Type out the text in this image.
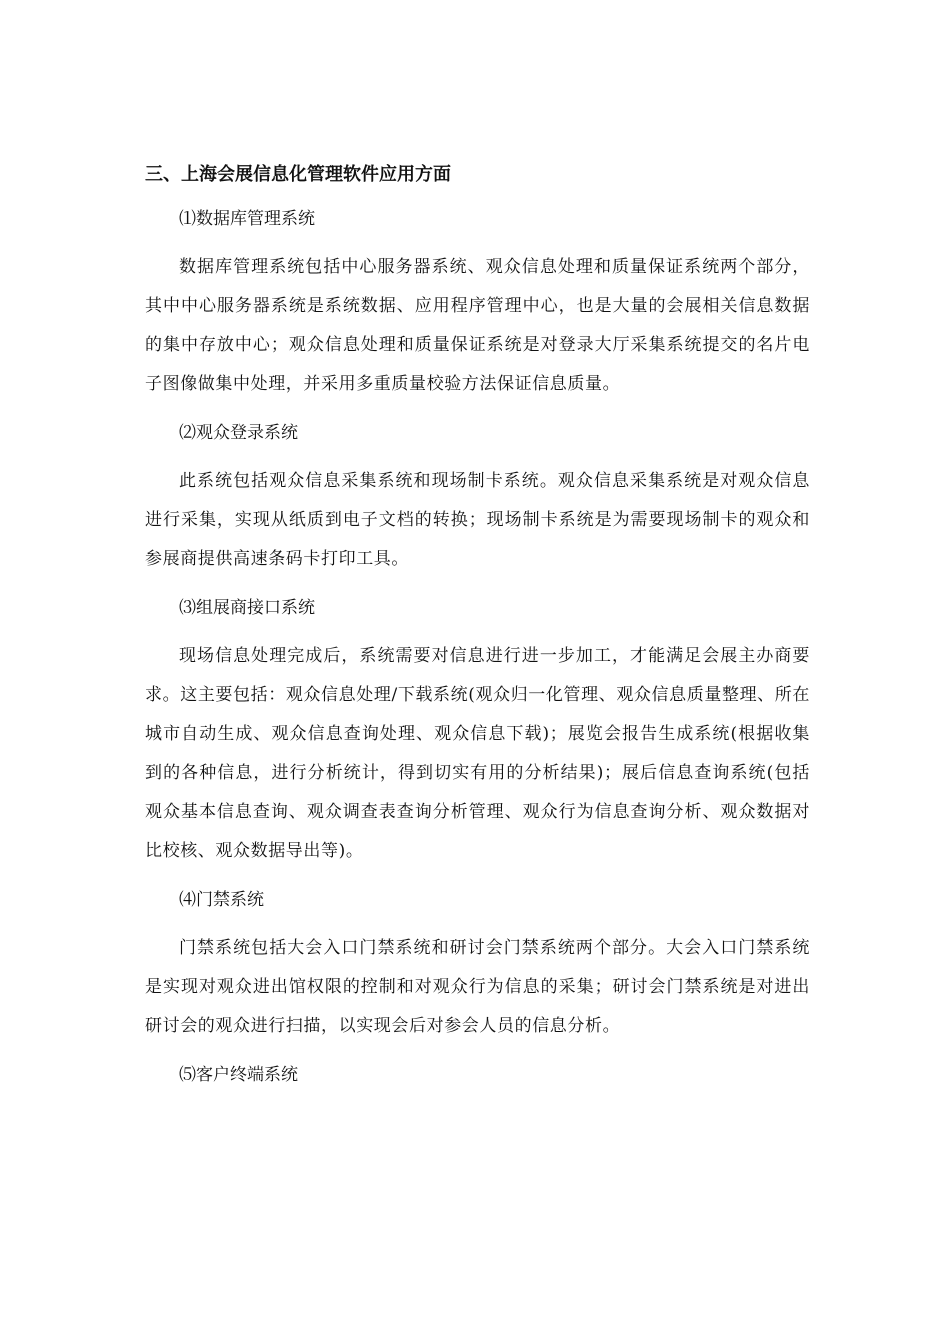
三、上海会展信息化管理软件应用方面
⑴数据库管理系统

数据库管理系统包括中心服务器系统、观众信息处理和质量保证系统两个部分，其中中心服务器系统是系统数据、应用程序管理中心，也是大量的会展相关信息数据的集中存放中心；观众信息处理和质量保证系统是对登录大厅采集系统提交的名片电子图像做集中处理，并采用多重质量校验方法保证信息质量。

⑵观众登录系统

此系统包括观众信息采集系统和现场制卡系统。观众信息采集系统是对观众信息进行采集，实现从纸质到电子文档的转换；现场制卡系统是为需要现场制卡的观众和参展商提供高速条码卡打印工具。

⑶组展商接口系统

现场信息处理完成后，系统需要对信息进行进一步加工，才能满足会展主办商要求。这主要包括：观众信息处理/下载系统(观众归一化管理、观众信息质量整理、所在城市自动生成、观众信息查询处理、观众信息下载)；展览会报告生成系统(根据收集到的各种信息，进行分析统计，得到切实有用的分析结果)；展后信息查询系统(包括观众基本信息查询、观众调查表查询分析管理、观众行为信息查询分析、观众数据对比校核、观众数据导出等)。

⑷门禁系统

门禁系统包括大会入口门禁系统和研讨会门禁系统两个部分。大会入口门禁系统是实现对观众进出馆权限的控制和对观众行为信息的采集；研讨会门禁系统是对进出研讨会的观众进行扫描，以实现会后对参会人员的信息分析。

⑸客户终端系统
